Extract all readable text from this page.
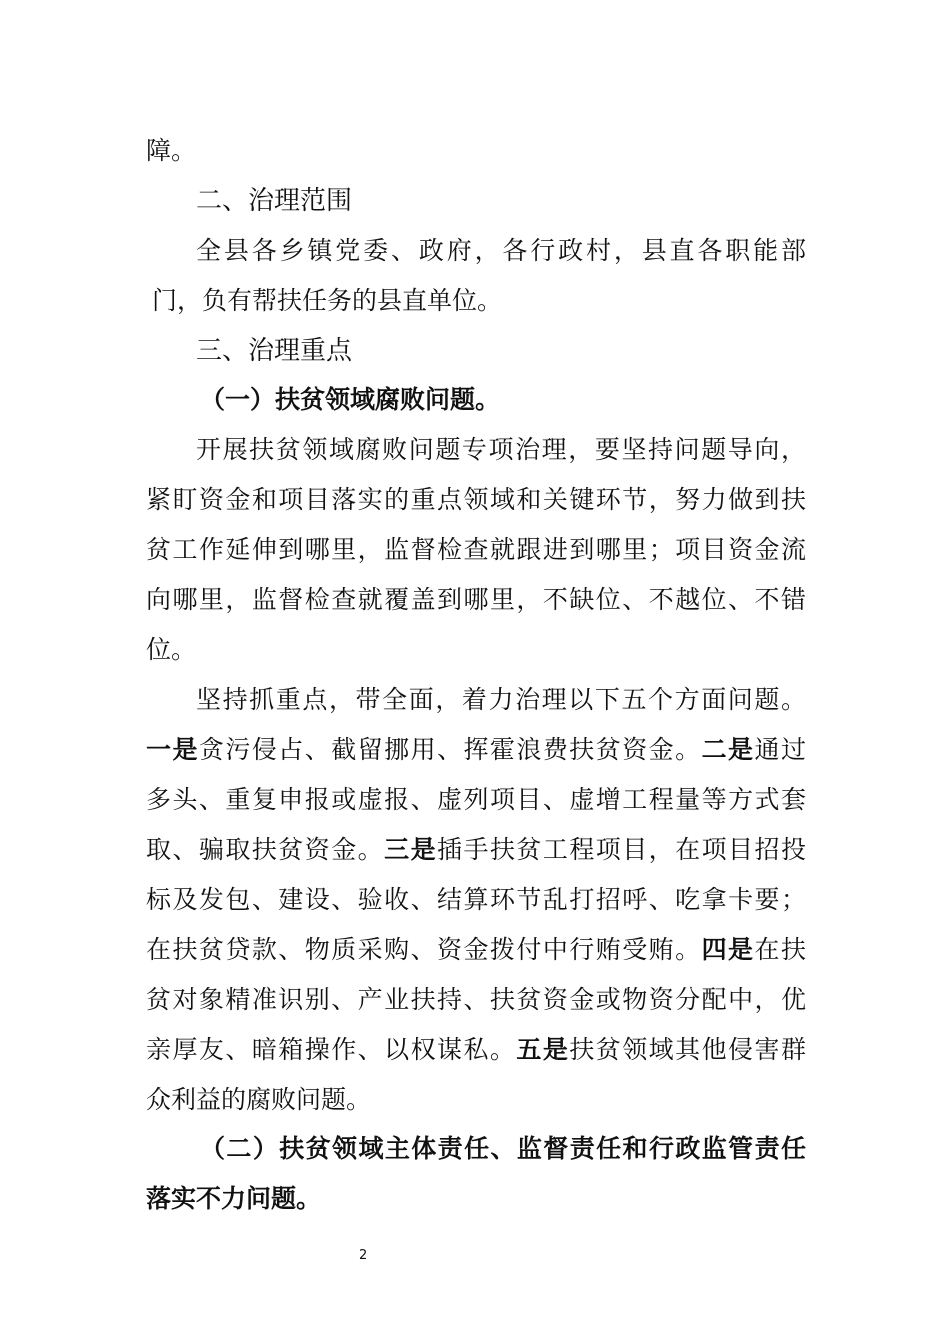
障。
二、治理范围
全县各乡镇党委、政府，各行政村，县直各职能部
门，负有帮扶任务的县直单位。
三、治理重点
（一）扶贫领域腐败问题。
开展扶贫领域腐败问题专项治理，要坚持问题导向，
紧盯资金和项目落实的重点领域和关键环节，努力做到扶
贫工作延伸到哪里，监督检查就跟进到哪里；项目资金流
向哪里，监督检查就覆盖到哪里，不缺位、不越位、不错
位。
坚持抓重点，带全面，着力治理以下五个方面问题。
一是贪污侵占、截留挪用、挥霍浪费扶贫资金。二是通过
多头、重复申报或虚报、虚列项目、虚增工程量等方式套
取、骗取扶贫资金。三是插手扶贫工程项目，在项目招投
标及发包、建设、验收、结算环节乱打招呼、吃拿卡要；
在扶贫贷款、物质采购、资金拨付中行贿受贿。四是在扶
贫对象精准识别、产业扶持、扶贫资金或物资分配中，优
亲厚友、暗箱操作、以权谋私。五是扶贫领域其他侵害群
众利益的腐败问题。
（二）扶贫领域主体责任、监督责任和行政监管责任
落实不力问题。
2
